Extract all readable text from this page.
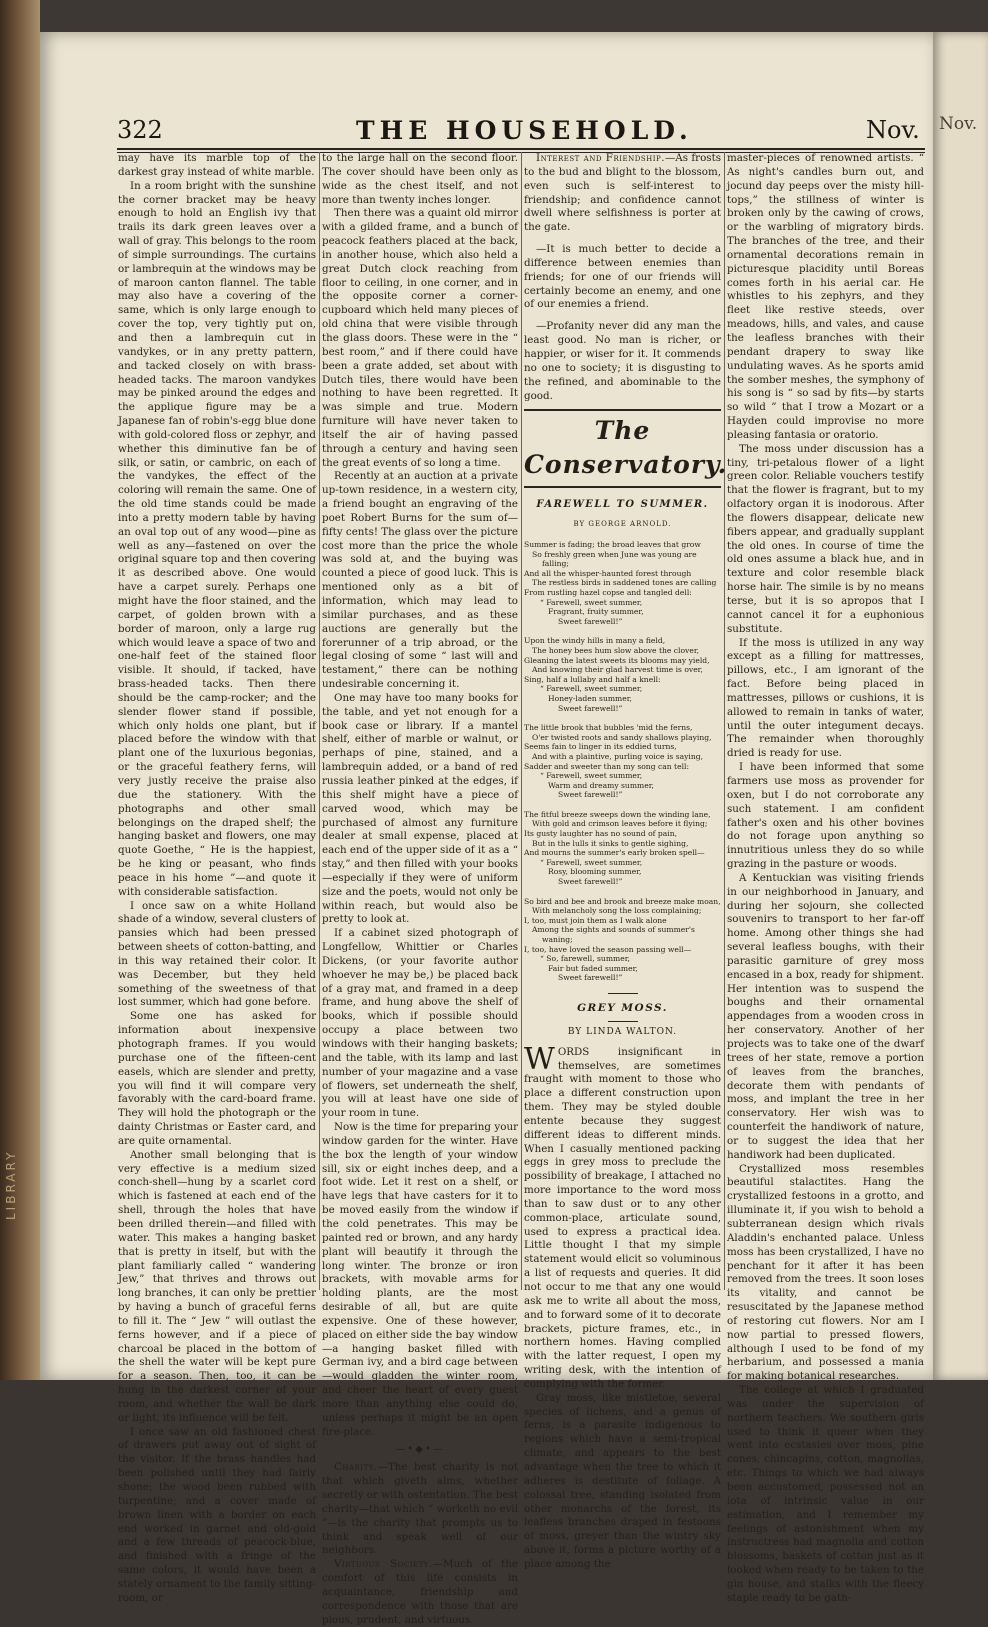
LIBRARY
Nov.
322	THE HOUSEHOLD.	Nov.

may have its marble top of the darkest gray instead of white marble.

In a room bright with the sunshine the corner bracket may be heavy enough to hold an English ivy that trails its dark green leaves over a wall of gray. This belongs to the room of simple surroundings. The curtains or lambrequin at the windows may be of maroon canton flannel. The table may also have a covering of the same, which is only large enough to cover the top, very tightly put on, and then a lambrequin cut in vandykes, or in any pretty pattern, and tacked closely on with brass-headed tacks. The maroon vandykes may be pinked around the edges and the applique figure may be a Japanese fan of robin's-egg blue done with gold-colored floss or zephyr, and whether this diminutive fan be of silk, or satin, or cambric, on each of the vandykes, the effect of the coloring will remain the same. One of the old time stands could be made into a pretty modern table by having an oval top out of any wood—pine as well as any—fastened on over the original square top and then covering it as described above. One would have a carpet surely. Perhaps one might have the floor stained, and the carpet, of golden brown with a border of maroon, only a large rug which would leave a space of two and one-half feet of the stained floor visible. It should, if tacked, have brass-headed tacks. Then there should be the camp-rocker; and the slender flower stand if possible, which only holds one plant, but if placed before the window with that plant one of the luxurious begonias, or the graceful feathery ferns, will very justly receive the praise also due the stationery. With the photographs and other small belongings on the draped shelf; the hanging basket and flowers, one may quote Goethe, “ He is the happiest, be he king or peasant, who finds peace in his home ”—and quote it with considerable satisfaction.

I once saw on a white Holland shade of a window, several clusters of pansies which had been pressed between sheets of cotton-batting, and in this way retained their color. It was December, but they held something of the sweetness of that lost summer, which had gone before.

Some one has asked for information about inexpensive photograph frames. If you would purchase one of the fifteen-cent easels, which are slender and pretty, you will find it will compare very favorably with the card-board frame. They will hold the photograph or the dainty Christmas or Easter card, and are quite ornamental.

Another small belonging that is very effective is a medium sized conch-shell—hung by a scarlet cord which is fastened at each end of the shell, through the holes that have been drilled therein—and filled with water. This makes a hanging basket that is pretty in itself, but with the plant familiarly called “ wandering Jew,” that thrives and throws out long branches, it can only be prettier by having a bunch of graceful ferns to fill it. The “ Jew ” will outlast the ferns however, and if a piece of charcoal be placed in the bottom of the shell the water will be kept pure for a season. Then, too, it can be hung in the darkest corner of your room, and whether the wall be dark or light, its influence will be felt.

I once saw an old fashioned chest of drawers put away out of sight of the visitor. If the brass handles had been polished until they had fairly shone; the wood been rubbed with turpentine; and a cover made of brown linen with a border on each end worked in garnet and old-gold and a few threads of peacock-blue, and finished with a fringe of the same colors, it would have been a stately ornament to the family sitting-room, or

to the large hall on the second floor. The cover should have been only as wide as the chest itself, and not more than twenty inches longer.

Then there was a quaint old mirror with a gilded frame, and a bunch of peacock feathers placed at the back, in another house, which also held a great Dutch clock reaching from floor to ceiling, in one corner, and in the opposite corner a corner-cupboard which held many pieces of old china that were visible through the glass doors. These were in the “ best room,” and if there could have been a grate added, set about with Dutch tiles, there would have been nothing to have been regretted. It was simple and true. Modern furniture will have never taken to itself the air of having passed through a century and having seen the great events of so long a time.

Recently at an auction at a private up-town residence, in a western city, a friend bought an engraving of the poet Robert Burns for the sum of—fifty cents! The glass over the picture cost more than the price the whole was sold at, and the buying was counted a piece of good luck. This is mentioned only as a bit of information, which may lead to similar purchases, and as these auctions are generally but the forerunner of a trip abroad, or the legal closing of some “ last will and testament,” there can be nothing undesirable concerning it.

One may have too many books for the table, and yet not enough for a book case or library. If a mantel shelf, either of marble or walnut, or perhaps of pine, stained, and a lambrequin added, or a band of red russia leather pinked at the edges, if this shelf might have a piece of carved wood, which may be purchased of almost any furniture dealer at small expense, placed at each end of the upper side of it as a “ stay,” and then filled with your books—especially if they were of uniform size and the poets, would not only be within reach, but would also be pretty to look at.

If a cabinet sized photograph of Longfellow, Whittier or Charles Dickens, (or your favorite author whoever he may be,) be placed back of a gray mat, and framed in a deep frame, and hung above the shelf of books, which if possible should occupy a place between two windows with their hanging baskets; and the table, with its lamp and last number of your magazine and a vase of flowers, set underneath the shelf, you will at least have one side of your room in tune.

Now is the time for preparing your window garden for the winter. Have the box the length of your window sill, six or eight inches deep, and a foot wide. Let it rest on a shelf, or have legs that have casters for it to be moved easily from the window if the cold penetrates. This may be painted red or brown, and any hardy plant will beautify it through the long winter. The bronze or iron brackets, with movable arms for holding plants, are the most desirable of all, but are quite expensive. One of these however, placed on either side the bay window—a hanging basket filled with German ivy, and a bird cage between—would gladden the winter room, and cheer the heart of every guest more than anything else could do, unless perhaps it might be an open fire-place.

—•◆•—

Charity.—The best charity is not that which giveth alms, whether secretly or with ostentation. The best charity—that which “ worketh no evil ”—is the charity that prompts us to think and speak well of our neighbors.

Virtuous Society.—Much of the comfort of this life consists in acquaintance, friendship and correspondence with those that are pious, prudent, and virtuous.

Interest and Friendship.—As frosts to the bud and blight to the blossom, even such is self-interest to friendship; and confidence cannot dwell where selfishness is porter at the gate.

—It is much better to decide a difference between enemies than friends; for one of our friends will certainly become an enemy, and one of our enemies a friend.

—Profanity never did any man the least good. No man is richer, or happier, or wiser for it. It commends no one to society; it is disgusting to the refined, and abominable to the good.

The Conservatory.

FAREWELL TO SUMMER.

BY GEORGE ARNOLD.

Summer is fading; the broad leaves that grow
So freshly green when June was young are falling;
And all the whisper-haunted forest through
The restless birds in saddened tones are calling
From rustling hazel copse and tangled dell:
“ Farewell, sweet summer,
Fragrant, fruity summer,
Sweet farewell!”
Upon the windy hills in many a field,
The honey bees hum slow above the clover,
Gleaning the latest sweets its blooms may yield,
And knowing their glad harvest time is over,
Sing, half a lullaby and half a knell:
“ Farewell, sweet summer,
Honey-laden summer,
Sweet farewell!”
The little brook that bubbles 'mid the ferns,
O'er twisted roots and sandy shallows playing,
Seems fain to linger in its eddied turns,
And with a plaintive, purling voice is saying,
Sadder and sweeter than my song can tell:
“ Farewell, sweet summer,
Warm and dreamy summer,
Sweet farewell!”
The fitful breeze sweeps down the winding lane,
With gold and crimson leaves before it flying;
Its gusty laughter has no sound of pain,
But in the lulls it sinks to gentle sighing,
And mourns the summer's early broken spell—
“ Farewell, sweet summer,
Rosy, blooming summer,
Sweet farewell!”
So bird and bee and brook and breeze make moan,
With melancholy song the loss complaining;
I, too, must join them as I walk alone
Among the sights and sounds of summer's waning;
I, too, have loved the season passing well—
“ So, farewell, summer,
Fair but faded summer,
Sweet farewell!”

GREY MOSS.

BY LINDA WALTON.

WORDS insignificant in themselves, are sometimes fraught with moment to those who place a different construction upon them. They may be styled double entente because they suggest different ideas to different minds. When I casually mentioned packing eggs in grey moss to preclude the possibility of breakage, I attached no more importance to the word moss than to saw dust or to any other common-place, articulate sound, used to express a practical idea. Little thought I that my simple statement would elicit so voluminous a list of requests and queries. It did not occur to me that any one would ask me to write all about the moss, and to forward some of it to decorate brackets, picture frames, etc., in northern homes. Having complied with the latter request, I open my writing desk, with the intention of complying with the former.

Gray moss, like mistletoe, several species of lichens, and a genus of ferns, is a parasite indigenous to regions which have a semi-tropical climate, and appears to the best advantage when the tree to which it adheres is destitute of foliage. A colossal tree, standing isolated from other monarchs of the forest, its leafless branches draped in festoons of moss, greyer than the wintry sky above it, forms a picture worthy of a place among the

master-pieces of renowned artists. “ As night's candles burn out, and jocund day peeps over the misty hill-tops,” the stillness of winter is broken only by the cawing of crows, or the warbling of migratory birds. The branches of the tree, and their ornamental decorations remain in picturesque placidity until Boreas comes forth in his aerial car. He whistles to his zephyrs, and they fleet like restive steeds, over meadows, hills, and vales, and cause the leafless branches with their pendant drapery to sway like undulating waves. As he sports amid the somber meshes, the symphony of his song is “ so sad by fits—by starts so wild ” that I trow a Mozart or a Hayden could improvise no more pleasing fantasia or oratorio.

The moss under discussion has a tiny, tri-petalous flower of a light green color. Reliable vouchers testify that the flower is fragrant, but to my olfactory organ it is inodorous. After the flowers disappear, delicate new fibers appear, and gradually supplant the old ones. In course of time the old ones assume a black hue, and in texture and color resemble black horse hair. The simile is by no means terse, but it is so apropos that I cannot cancel it for a euphonious substitute.

If the moss is utilized in any way except as a filling for mattresses, pillows, etc., I am ignorant of the fact. Before being placed in mattresses, pillows or cushions, it is allowed to remain in tanks of water, until the outer integument decays. The remainder when thoroughly dried is ready for use.

I have been informed that some farmers use moss as provender for oxen, but I do not corroborate any such statement. I am confident father's oxen and his other bovines do not forage upon anything so innutritious unless they do so while grazing in the pasture or woods.

A Kentuckian was visiting friends in our neighborhood in January, and during her sojourn, she collected souvenirs to transport to her far-off home. Among other things she had several leafless boughs, with their parasitic garniture of grey moss encased in a box, ready for shipment. Her intention was to suspend the boughs and their ornamental appendages from a wooden cross in her conservatory. Another of her projects was to take one of the dwarf trees of her state, remove a portion of leaves from the branches, decorate them with pendants of moss, and implant the tree in her conservatory. Her wish was to counterfeit the handiwork of nature, or to suggest the idea that her handiwork had been duplicated.

Crystallized moss resembles beautiful stalactites. Hang the crystallized festoons in a grotto, and illuminate it, if you wish to behold a subterranean design which rivals Aladdin's enchanted palace. Unless moss has been crystallized, I have no penchant for it after it has been removed from the trees. It soon loses its vitality, and cannot be resuscitated by the Japanese method of restoring cut flowers. Nor am I now partial to pressed flowers, although I used to be fond of my herbarium, and possessed a mania for making botanical researches.

The college at which I graduated was under the supervision of northern teachers. We southern girls used to think it queer when they went into ecstasies over moss, pine cones, chincapins, cotton, magnolias, etc. Things to which we had always been accustomed, possessed not an iota of intrinsic value in our estimation, and I remember my feelings of astonishment when my instructress had magnolia and cotton blossoms, baskets of cotton just as it looked when ready to be taken to the gin house, and stalks with the fleecy staple ready to be gath-
